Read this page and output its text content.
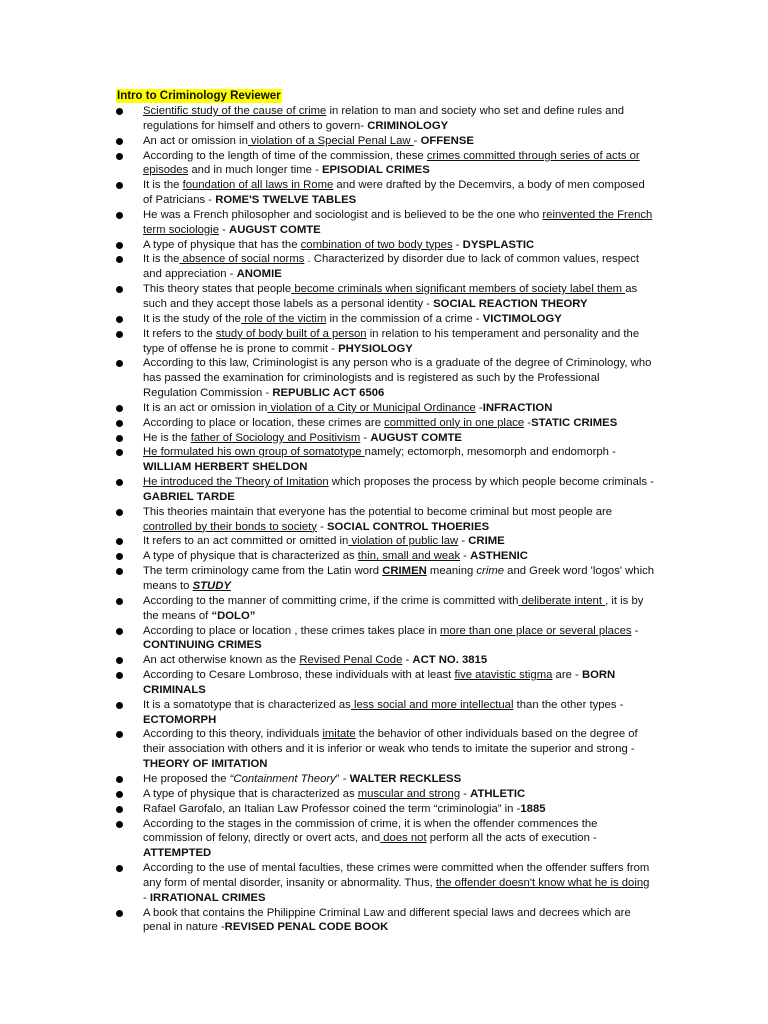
Intro to Criminology Reviewer
Scientific study of the cause of crime in relation to man and society who set and define rules and regulations for himself and others to govern- CRIMINOLOGY
An act or omission in violation of a Special Penal Law - OFFENSE
According to the length of time of the commission, these crimes committed through series of acts or episodes and in much longer time - EPISODIAL CRIMES
It is the foundation of all laws in Rome and were drafted by the Decemvirs, a body of men composed of Patricians - ROME'S TWELVE TABLES
He was a French philosopher and sociologist and is believed to be the one who reinvented the French term sociologie - AUGUST COMTE
A type of physique that has the combination of two body types - DYSPLASTIC
It is the absence of social norms . Characterized by disorder due to lack of common values, respect and appreciation - ANOMIE
This theory states that people become criminals when significant members of society label them as such and they accept those labels as a personal identity - SOCIAL REACTION THEORY
It is the study of the role of the victim in the commission of a crime - VICTIMOLOGY
It refers to the study of body built of a person in relation to his temperament and personality and the type of offense he is prone to commit - PHYSIOLOGY
According to this law, Criminologist is any person who is a graduate of the degree of Criminology, who has passed the examination for criminologists and is registered as such by the Professional Regulation Commission - REPUBLIC ACT 6506
It is an act or omission in violation of a City or Municipal Ordinance -INFRACTION
According to place or location, these crimes are committed only in one place -STATIC CRIMES
He is the father of Sociology and Positivism - AUGUST COMTE
He formulated his own group of somatotype namely; ectomorph, mesomorph and endomorph - WILLIAM HERBERT SHELDON
He introduced the Theory of Imitation which proposes the process by which people become criminals - GABRIEL TARDE
This theories maintain that everyone has the potential to become criminal but most people are controlled by their bonds to society - SOCIAL CONTROL THOERIES
It refers to an act committed or omitted in violation of public law - CRIME
A type of physique that is characterized as thin, small and weak - ASTHENIC
The term criminology came from the Latin word CRIMEN meaning crime and Greek word 'logos' which means to STUDY
According to the manner of committing crime, if the crime is committed with deliberate intent , it is by the means of “DOLO”
According to place or location , these crimes takes place in more than one place or several places - CONTINUING CRIMES
An act otherwise known as the Revised Penal Code - ACT NO. 3815
According to Cesare Lombroso, these individuals with at least five atavistic stigma are - BORN CRIMINALS
It is a somatotype that is characterized as less social and more intellectual than the other types - ECTOMORPH
According to this theory, individuals imitate the behavior of other individuals based on the degree of their association with others and it is inferior or weak who tends to imitate the superior and strong - THEORY OF IMITATION
He proposed the “Containment Theory” - WALTER RECKLESS
A type of physique that is characterized as muscular and strong - ATHLETIC
Rafael Garofalo, an Italian Law Professor coined the term “criminologia” in -1885
According to the stages in the commission of crime, it is when the offender commences the commission of felony, directly or overt acts, and does not perform all the acts of execution - ATTEMPTED
According to the use of mental faculties, these crimes were committed when the offender suffers from any form of mental disorder, insanity or abnormality. Thus, the offender doesn't know what he is doing - IRRATIONAL CRIMES
A book that contains the Philippine Criminal Law and different special laws and decrees which are penal in nature -REVISED PENAL CODE BOOK
